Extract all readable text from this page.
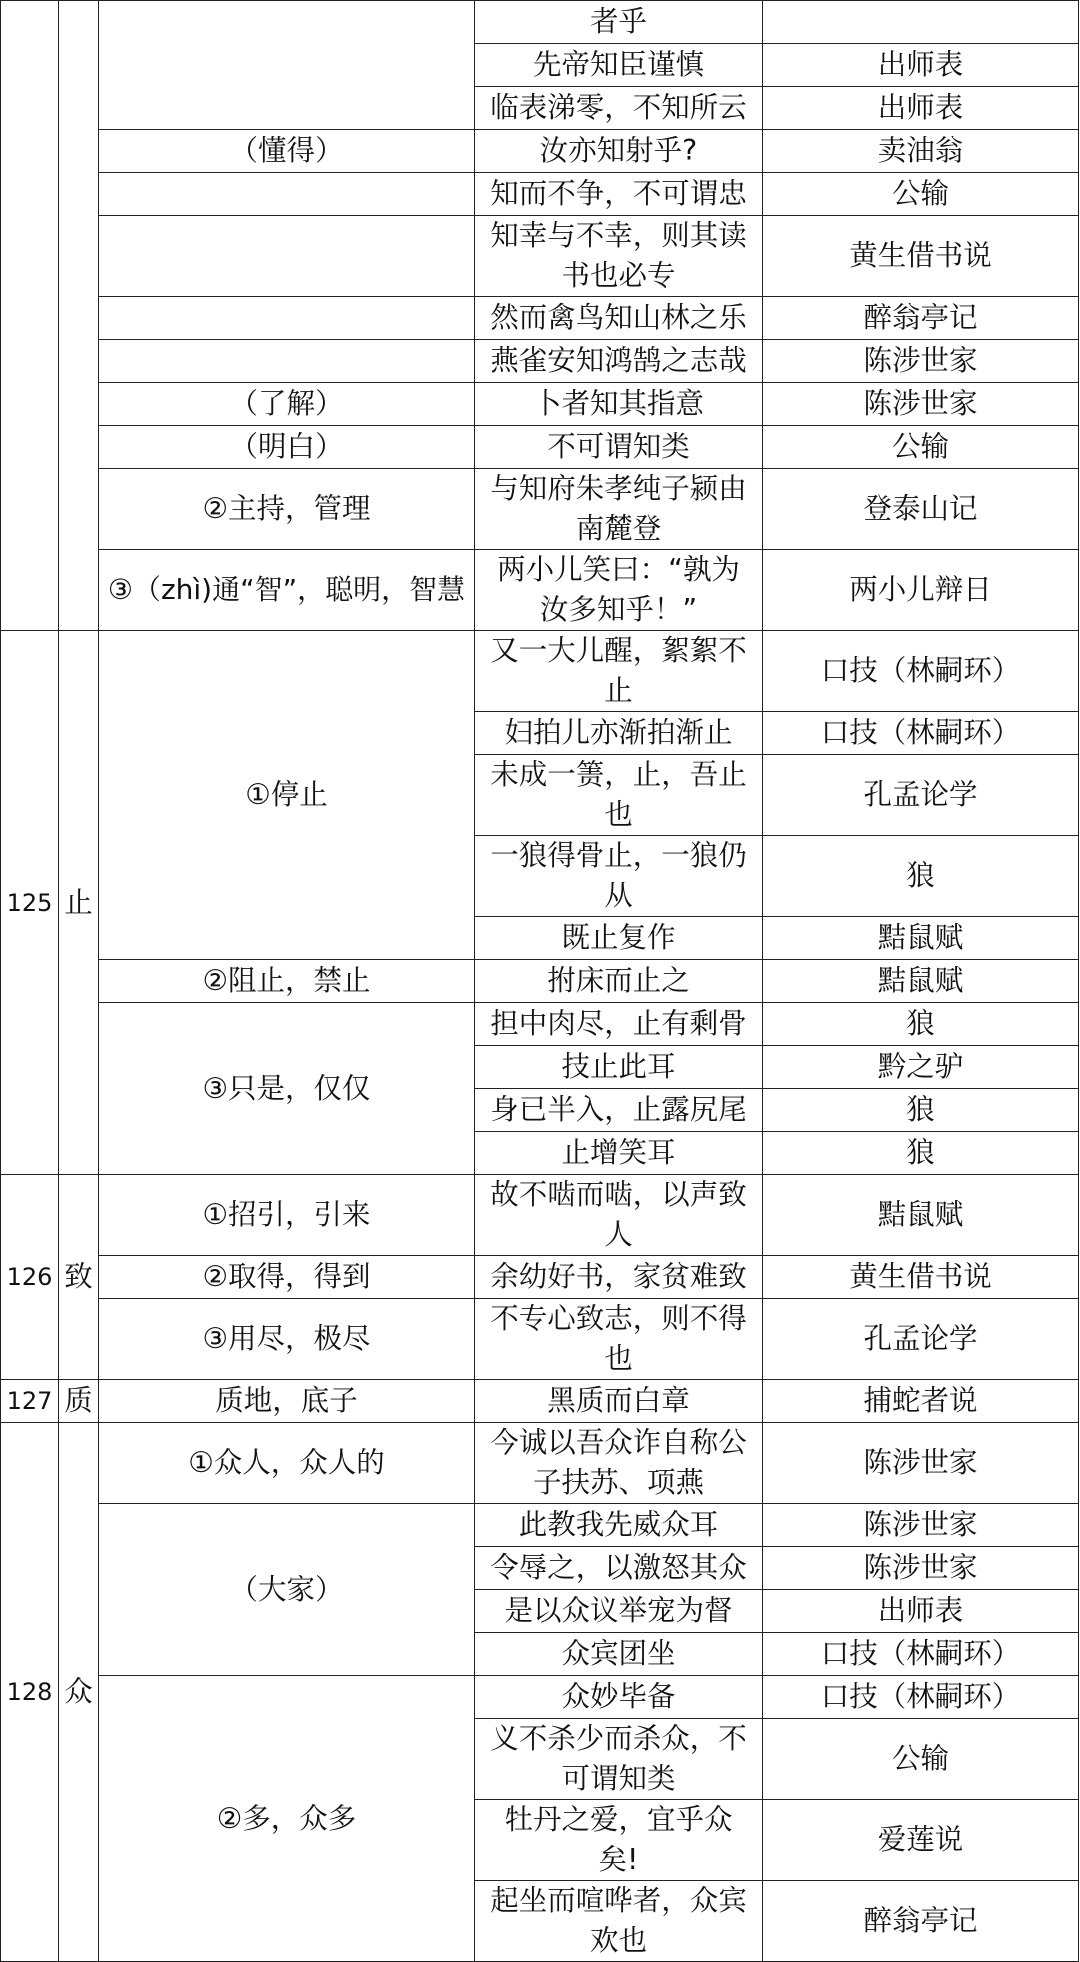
			者乎	
			先帝知臣谨慎	出师表
			临表涕零，不知所云	出师表
		（懂得）	汝亦知射乎?	卖油翁
			知而不争，不可谓忠	公输
			知幸与不幸，则其读书也必专	黄生借书说
			然而禽鸟知山林之乐	醉翁亭记
			燕雀安知鸿鹄之志哉	陈涉世家
		（了解）	卜者知其指意	陈涉世家
		（明白）	不可谓知类	公输
		②主持，管理	与知府朱孝纯子颍由南麓登	登泰山记
		③（zhì)通“智”，聪明，智慧	两小儿笑曰：“孰为汝多知乎！”	两小儿辩日
125	止	①停止	又一大儿醒，絮絮不止	口技（林嗣环）
			妇拍儿亦渐拍渐止	口技（林嗣环）
			未成一箦，止，吾止也	孔孟论学
			一狼得骨止，一狼仍从	狼
			既止复作	黠鼠赋
		②阻止，禁止	拊床而止之	黠鼠赋
		③只是，仅仅	担中肉尽，止有剩骨	狼
			技止此耳	黔之驴
			身已半入，止露尻尾	狼
			止增笑耳	狼
126	致	①招引，引来	故不啮而啮，以声致人	黠鼠赋
		②取得，得到	余幼好书，家贫难致	黄生借书说
		③用尽，极尽	不专心致志，则不得也	孔孟论学
127	质	质地，底子	黑质而白章	捕蛇者说
128	众	①众人，众人的	今诚以吾众诈自称公子扶苏、项燕	陈涉世家
		（大家）	此教我先威众耳	陈涉世家
			令辱之，以激怒其众	陈涉世家
			是以众议举宠为督	出师表
			众宾团坐	口技（林嗣环）
		②多，众多	众妙毕备	口技（林嗣环）
			义不杀少而杀众，不可谓知类	公输
			牡丹之爱，宜乎众矣!	爱莲说
			起坐而喧哗者，众宾欢也	醉翁亭记
